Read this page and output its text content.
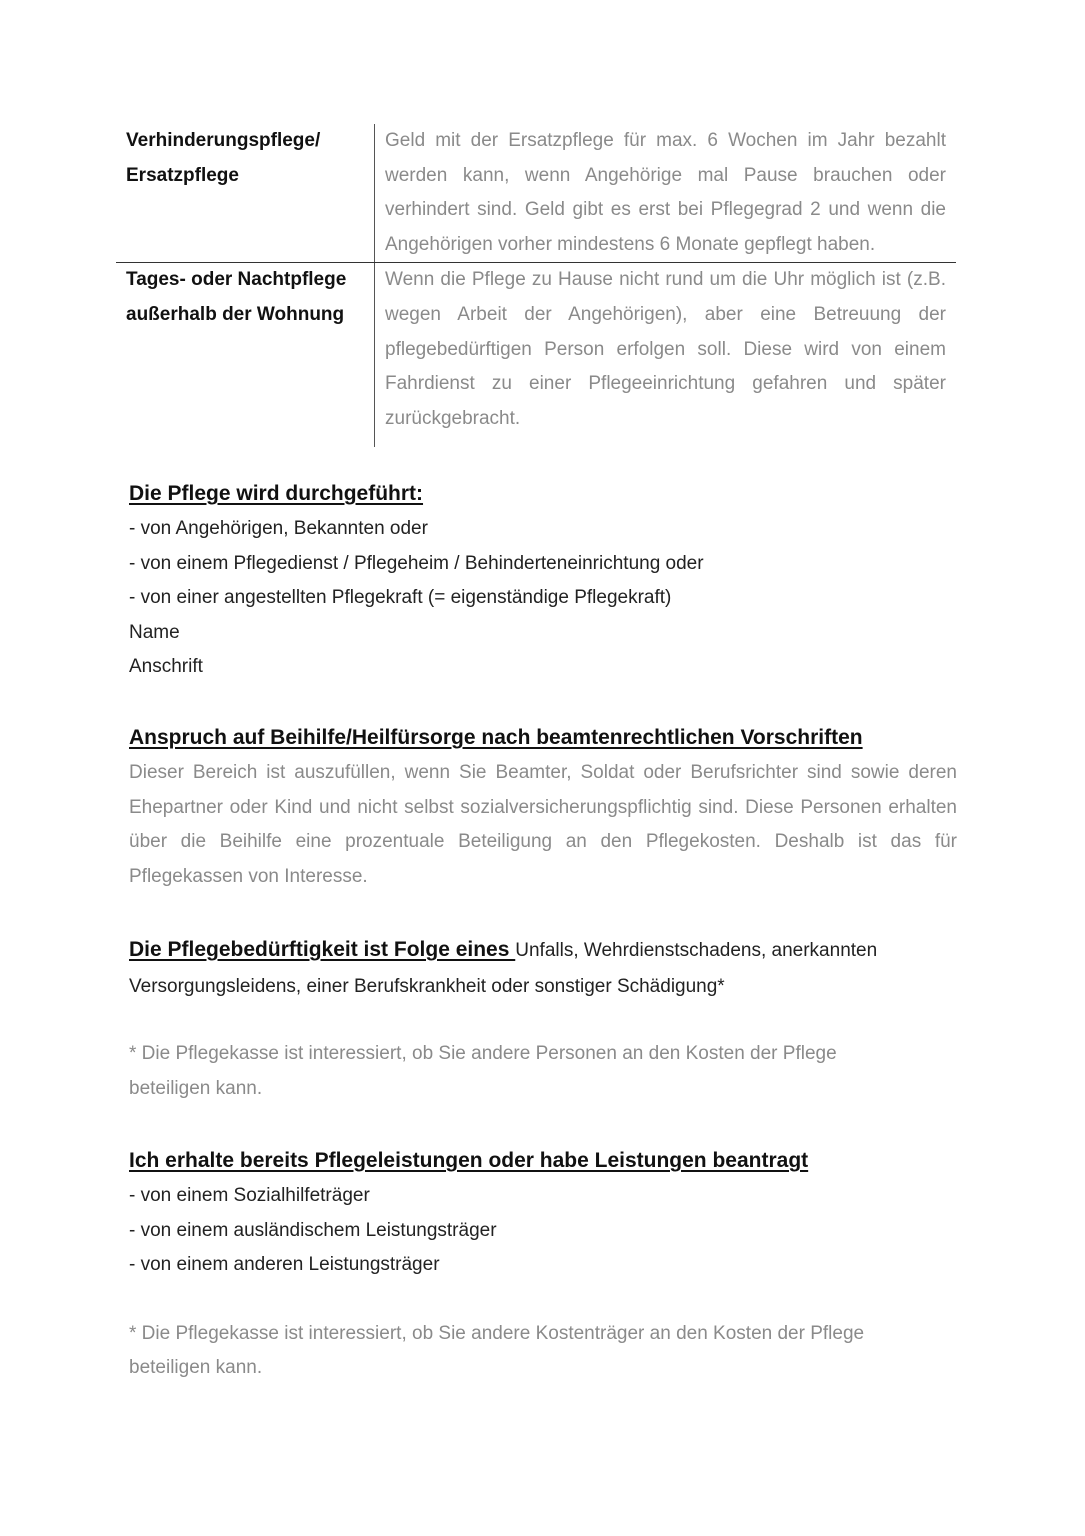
Verhinderungspflege/
Ersatzpflege
Geld mit der Ersatzpflege für max. 6 Wochen im Jahr bezahlt werden kann, wenn Angehörige mal Pause brauchen oder verhindert sind. Geld gibt es erst bei Pflegegrad 2 und wenn die Angehörigen vorher mindestens 6 Monate gepflegt haben.
Tages- oder Nachtpflege
außerhalb der Wohnung
Wenn die Pflege zu Hause nicht rund um die Uhr möglich ist (z.B. wegen Arbeit der Angehörigen), aber eine Betreuung der pflegebedürftigen Person erfolgen soll. Diese wird von einem Fahrdienst zu einer Pflegeeinrichtung gefahren und später zurückgebracht.
Die Pflege wird durchgeführt:
- von Angehörigen, Bekannten oder
- von einem Pflegedienst / Pflegeheim / Behinderteneinrichtung oder
- von einer angestellten Pflegekraft (= eigenständige Pflegekraft)
Name
Anschrift
Anspruch auf Beihilfe/Heilfürsorge nach beamtenrechtlichen Vorschriften
Dieser Bereich ist auszufüllen, wenn Sie Beamter, Soldat oder Berufsrichter sind sowie deren Ehepartner oder Kind und nicht selbst sozialversicherungspflichtig sind. Diese Personen erhalten über die Beihilfe eine prozentuale Beteiligung an den Pflegekosten. Deshalb ist das für Pflegekassen von Interesse.
Die Pflegebedürftigkeit ist Folge eines Unfalls, Wehrdienstschadens, anerkannten Versorgungsleidens, einer Berufskrankheit oder sonstiger Schädigung*
* Die Pflegekasse ist interessiert, ob Sie andere Personen an den Kosten der Pflege beteiligen kann.
Ich erhalte bereits Pflegeleistungen oder habe Leistungen beantragt
- von einem Sozialhilfeträger
- von einem ausländischem Leistungsträger
- von einem anderen Leistungsträger
* Die Pflegekasse ist interessiert, ob Sie andere Kostenträger an den Kosten der Pflege beteiligen kann.
